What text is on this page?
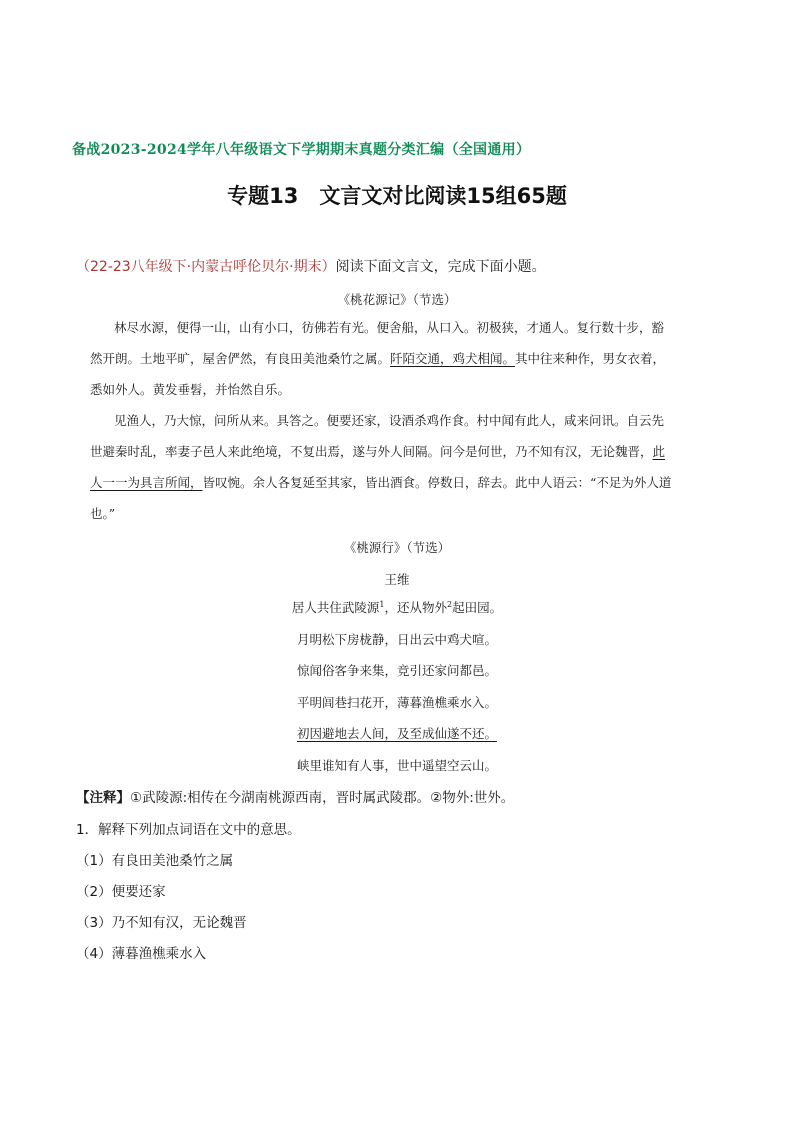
备战2023-2024学年八年级语文下学期期末真题分类汇编（全国通用）
专题13　文言文对比阅读15组65题
（22-23八年级下·内蒙古呼伦贝尔·期末）阅读下面文言文，完成下面小题。
《桃花源记》（节选）
林尽水源，便得一山，山有小口，彷佛若有光。便舍船，从口入。初极狭，才通人。复行数十步，豁
然开朗。土地平旷，屋舍俨然，有良田美池桑竹之属。阡陌交通，鸡犬相闻。其中往来种作，男女衣着，
悉如外人。黄发垂髫，并怡然自乐。
见渔人，乃大惊，问所从来。具答之。便要还家，设酒杀鸡作食。村中闻有此人，咸来问讯。自云先
世避秦时乱，率妻子邑人来此绝境，不复出焉，遂与外人间隔。问今是何世，乃不知有汉，无论魏晋，此
人一一为具言所闻，皆叹惋。余人各复延至其家，皆出酒食。停数日，辞去。此中人语云：“不足为外人道
也。”
《桃源行》（节选）
王维
居人共住武陵源$^1$，还从物外$^2$起田园。
月明松下房栊静，日出云中鸡犬喧。
惊闻俗客争来集，竞引还家问都邑。
平明闾巷扫花开，薄暮渔樵乘水入。
初因避地去人间，及至成仙遂不还。
峡里谁知有人事，世中遥望空云山。
【注释】①武陵源:相传在今湖南桃源西南，晋时属武陵郡。②物外:世外。
1．解释下列加点词语在文中的意思。
（1）有良田美池桑竹之属
（2）便要还家
（3）乃不知有汉，无论魏晋
（4）薄暮渔樵乘水入
